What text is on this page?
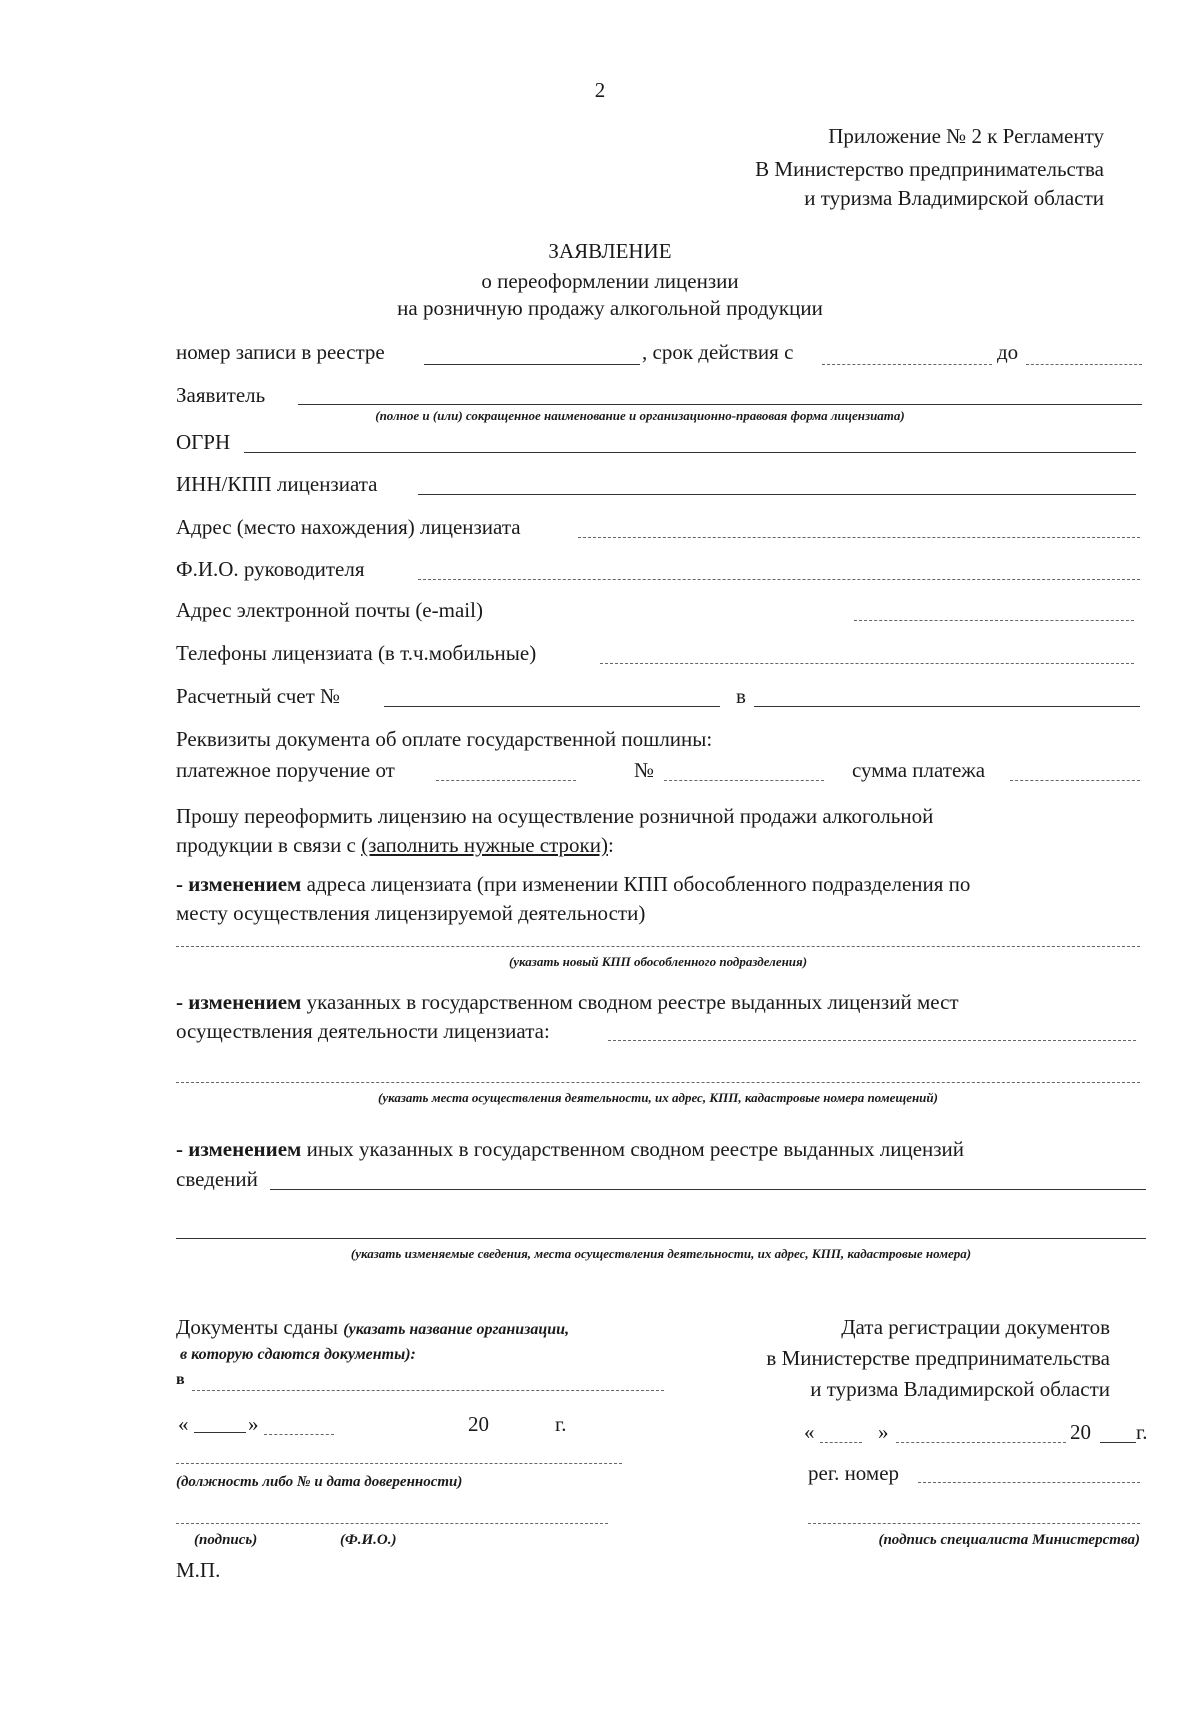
2
Приложение № 2 к Регламенту
В Министерство предпринимательства
и туризма Владимирской области
ЗАЯВЛЕНИЕ
о переоформлении лицензии
на розничную продажу алкогольной продукции
номер записи в реестре	, срок действия с	до
Заявитель
(полное и (или) сокращенное наименование и организационно-правовая форма лицензиата)
ОГРН
ИНН/КПП лицензиата
Адрес (место нахождения) лицензиата
Ф.И.О. руководителя
Адрес электронной почты (e-mail)
Телефоны лицензиата (в т.ч.мобильные)
Расчетный счет №	в
Реквизиты документа об оплате государственной пошлины:
платежное поручение от	№	сумма платежа
Прошу переоформить лицензию на осуществление розничной продажи алкогольной
продукции в связи с (заполнить нужные строки):
- изменением адреса лицензиата (при изменении КПП обособленного подразделения по
месту осуществления лицензируемой деятельности)
(указать новый КПП обособленного подразделения)
- изменением указанных в государственном сводном реестре выданных лицензий мест
осуществления деятельности лицензиата:
(указать места осуществления деятельности, их адрес, КПП, кадастровые номера помещений)
- изменением иных указанных в государственном сводном реестре выданных лицензий
сведений
(указать изменяемые сведения, места осуществления деятельности, их адрес, КПП, кадастровые номера)
Документы сданы (указать название организации,
в которую сдаются документы):
в
«	»	20	г.
(должность либо № и дата доверенности)
(подпись)	(Ф.И.О.)
М.П.
Дата регистрации документов
в Министерстве предпринимательства
и туризма Владимирской области
«	»	20 г.
рег. номер
(подпись специалиста Министерства)
